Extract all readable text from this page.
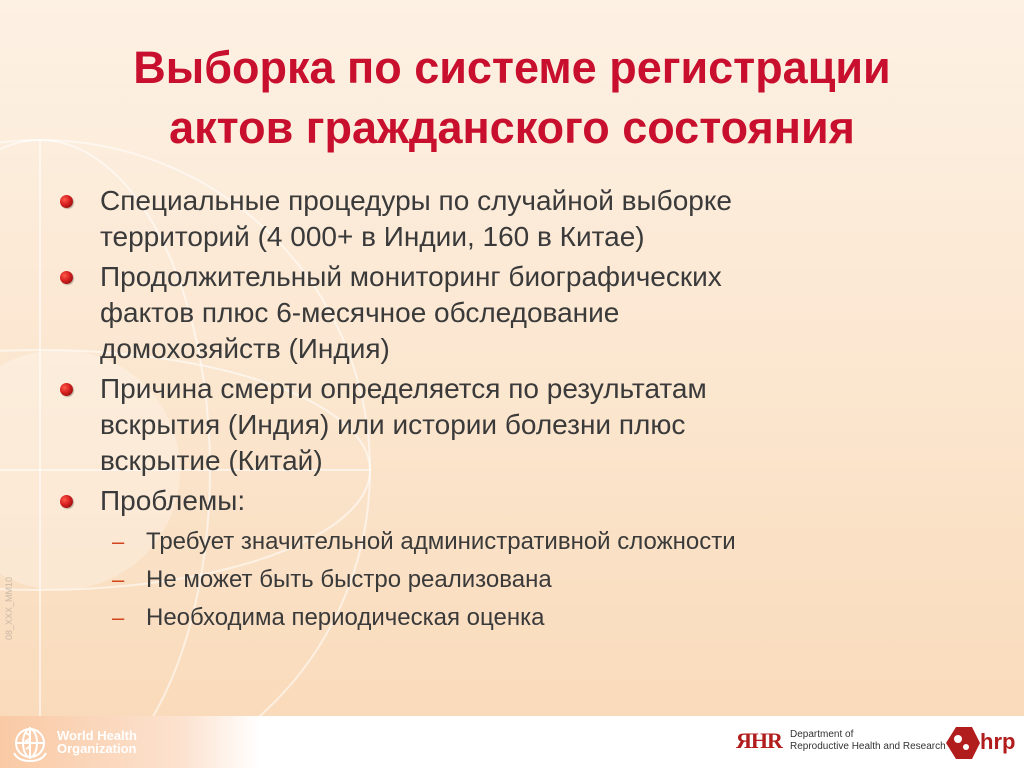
Выборка по системе регистрации
актов гражданского состояния
Специальные процедуры по случайной выборке
территорий (4 000+ в Индии, 160 в Китае)
Продолжительный мониторинг биографических
фактов плюс 6-месячное обследование
домохозяйств (Индия)
Причина смерти определяется по результатам
вскрытия (Индия) или истории болезни плюс
вскрытие (Китай)
Проблемы:
– Требует значительной административной сложности
– Не может быть быстро реализована
– Необходима периодическая оценка
08_XXX_MM10
World Health
Organization	ЯHR Department of
Reproductive Health and Research hrp
